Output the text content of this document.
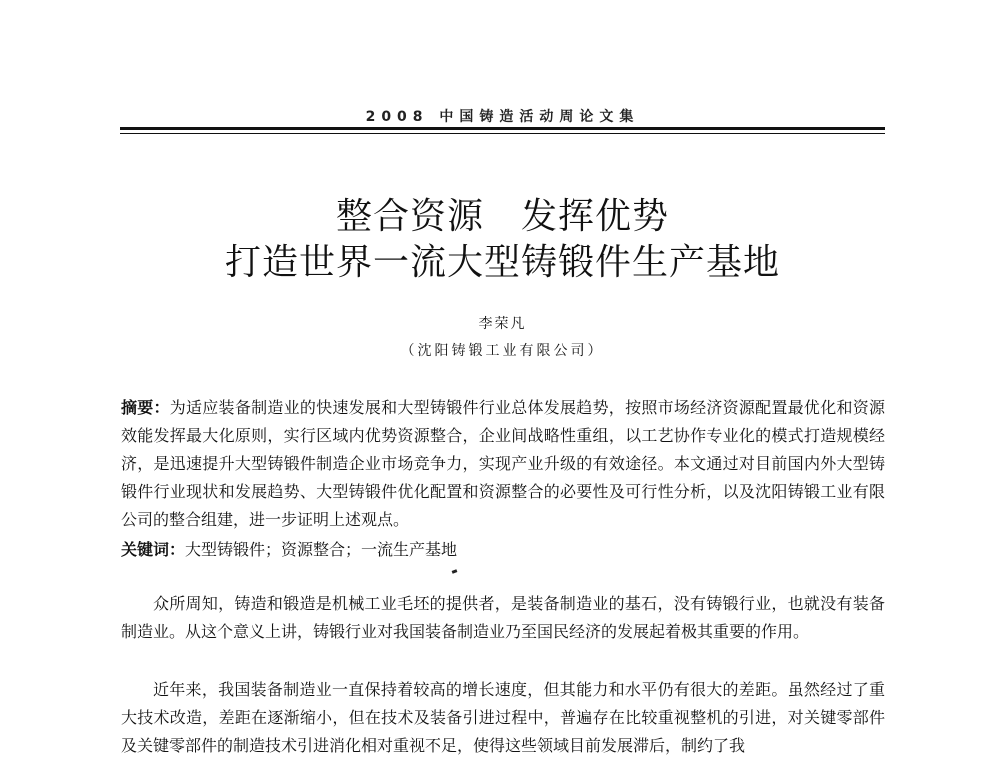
2008 中国铸造活动周论文集
整合资源　发挥优势
打造世界一流大型铸锻件生产基地
李荣凡
（沈阳铸锻工业有限公司）
摘要：为适应装备制造业的快速发展和大型铸锻件行业总体发展趋势，按照市场经济资源配置最优化和资源效能发挥最大化原则，实行区域内优势资源整合，企业间战略性重组，以工艺协作专业化的模式打造规模经济，是迅速提升大型铸锻件制造企业市场竞争力，实现产业升级的有效途径。本文通过对目前国内外大型铸锻件行业现状和发展趋势、大型铸锻件优化配置和资源整合的必要性及可行性分析，以及沈阳铸锻工业有限公司的整合组建，进一步证明上述观点。
关键词：大型铸锻件；资源整合；一流生产基地
众所周知，铸造和锻造是机械工业毛坯的提供者，是装备制造业的基石，没有铸锻行业，也就没有装备制造业。从这个意义上讲，铸锻行业对我国装备制造业乃至国民经济的发展起着极其重要的作用。
近年来，我国装备制造业一直保持着较高的增长速度，但其能力和水平仍有很大的差距。虽然经过了重大技术改造，差距在逐渐缩小，但在技术及装备引进过程中，普遍存在比较重视整机的引进，对关键零部件及关键零部件的制造技术引进消化相对重视不足，使得这些领域目前发展滞后，制约了我
